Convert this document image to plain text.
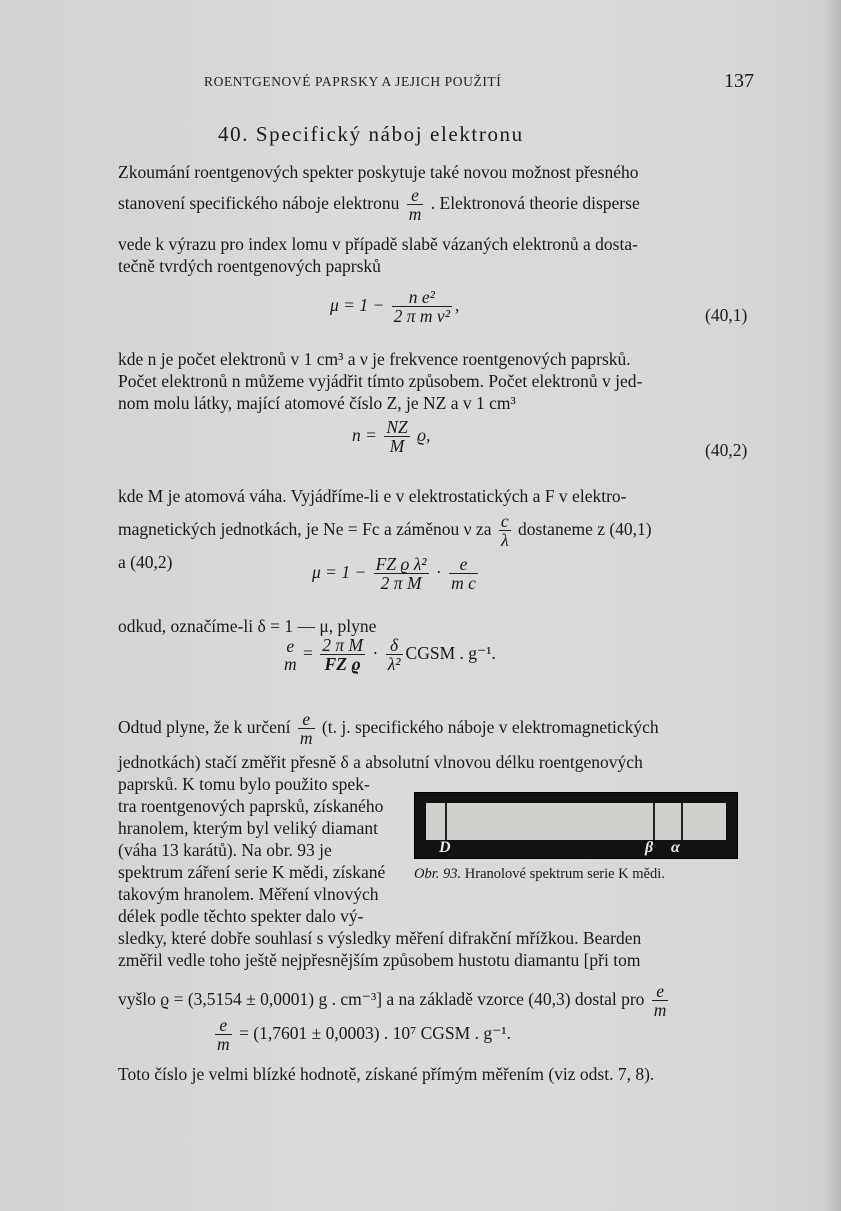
ROENTGENOVÉ PAPRSKY A JEJICH POUŽITÍ	137
40. Specifický náboj elektronu
Zkoumání roentgenových spekter poskytuje také novou možnost přesného
stanovení specifického náboje elektronu $\frac{e}{m}$ . Elektronová theorie disperse
vede k výrazu pro index lomu v případě slabě vázaných elektronů a dosta-
tečně tvrdých roentgenových paprsků
$\mu = 1 - \frac{\text{n e²}}{\text{2 π m ν²}}$ ,
(40,1)
kde n je počet elektronů v 1 cm³ a ν je frekvence roentgenových paprsků.
Počet elektronů n můžeme vyjádřit tímto způsobem. Počet elektronů v jed-
nom molu látky, mající atomové číslo Z, je NZ a v 1 cm³
$n = \frac{NZ}{M} ϱ$,
(40,2)
kde M je atomová váha. Vyjádříme-li e v elektrostatických a F v elektro-
magnetických jednotkách, je Ne = Fc a záměnou ν za $\frac{c}{\lambda}$ dostaneme z (40,1)
a (40,2)	$\mu = 1 - \frac{\text{FZ ϱ λ²}}{\text{2 π M}} \cdot \frac{e}{\text{m c}}$
odkud, označíme-li δ = 1 — μ, plyne
e
m
= $\frac{\text{2 π M}}{\text{FZ ϱ}} \cdot \frac{\delta}{\text{λ²}}$ CGSM . g⁻¹.
Odtud plyne, že k určení $\frac{e}{m} (t$. j. specifického náboje v elektromagnetických
jednotkách) stačí změřit přesně δ a absolutní vlnovou délku roentgenových
paprsků. K tomu bylo použito spek-
tra roentgenových paprsků, získaného
hranolem, kterým byl veliký diamant
(váha 13 karátů). Na obr. 93 je
spektrum záření serie K mědi, získané
takovým hranolem. Měření vlnových
délek podle těchto spekter dalo vý-
sledky, které dobře souhlasí s výsledky měření difrakční mřížkou. Bearden
změřil vedle toho ještě nejpřesnějším způsobem hustotu diamantu [při tom
vyšlo ϱ = (3,5154 ± 0,0001) g . cm⁻³] a na základě vzorce (40,3) dostal pro $\frac{e}{m}$
$\frac{e}{m} = (1,7601 \pm 0,0003)$ . 10⁷ CGSM . g⁻¹.
Toto číslo je velmi blízké hodnotě, získané přímým měřením (viz odst. 7, 8).
D	β α
Obr. 93. Hranolové spektrum serie K mědi.
